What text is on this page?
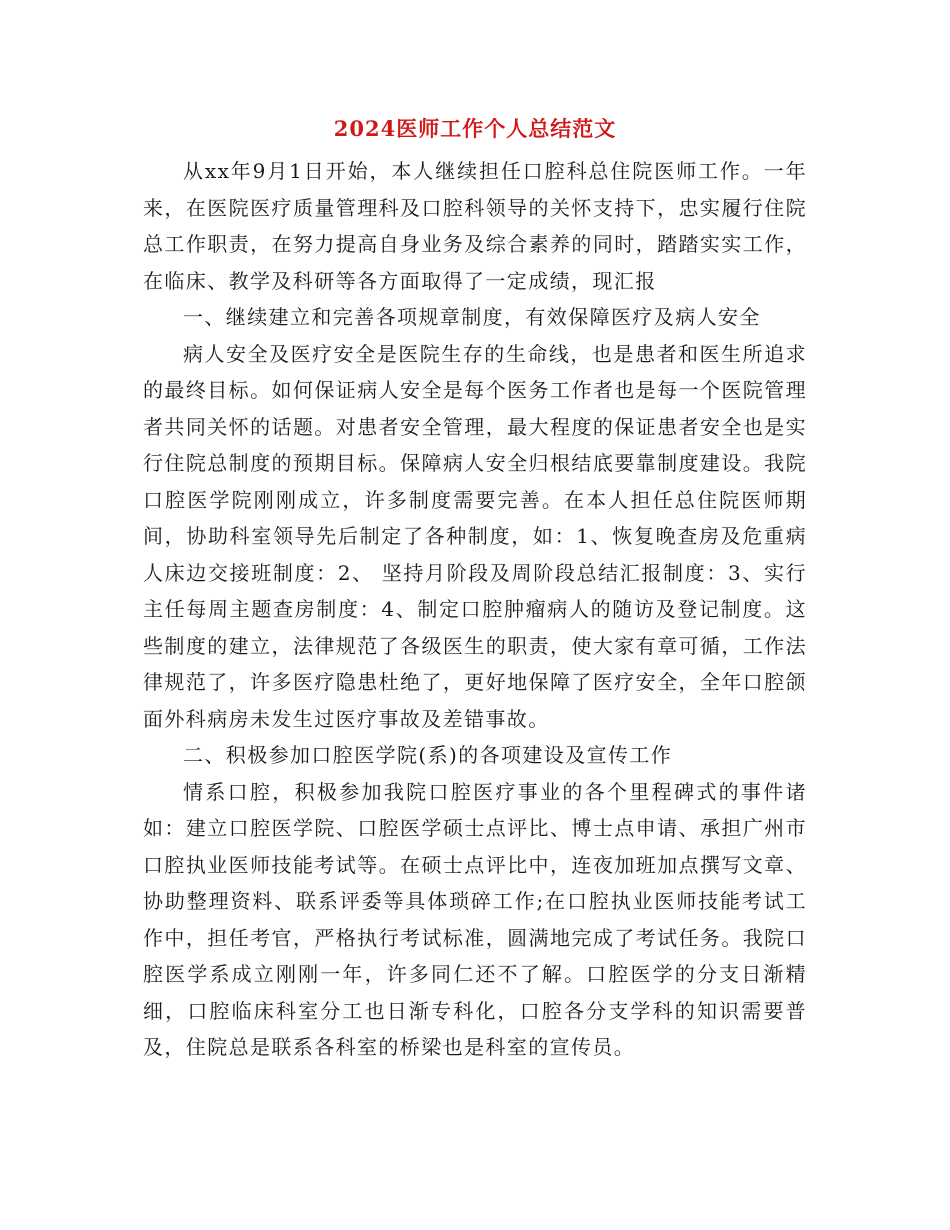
2024医师工作个人总结范文

从xx年9月1日开始，本人继续担任口腔科总住院医师工作。一年来，在医院医疗质量管理科及口腔科领导的关怀支持下，忠实履行住院总工作职责，在努力提高自身业务及综合素养的同时，踏踏实实工作，在临床、教学及科研等各方面取得了一定成绩，现汇报

一、继续建立和完善各项规章制度，有效保障医疗及病人安全

病人安全及医疗安全是医院生存的生命线，也是患者和医生所追求的最终目标。如何保证病人安全是每个医务工作者也是每一个医院管理者共同关怀的话题。对患者安全管理，最大程度的保证患者安全也是实行住院总制度的预期目标。保障病人安全归根结底要靠制度建设。我院口腔医学院刚刚成立，许多制度需要完善。在本人担任总住院医师期间，协助科室领导先后制定了各种制度，如：1、恢复晚查房及危重病人床边交接班制度：2、 坚持月阶段及周阶段总结汇报制度：3、实行主任每周主题查房制度：4、制定口腔肿瘤病人的随访及登记制度。这些制度的建立，法律规范了各级医生的职责，使大家有章可循，工作法律规范了，许多医疗隐患杜绝了，更好地保障了医疗安全，全年口腔颌面外科病房未发生过医疗事故及差错事故。

二、积极参加口腔医学院(系)的各项建设及宣传工作

情系口腔，积极参加我院口腔医疗事业的各个里程碑式的事件诸如：建立口腔医学院、口腔医学硕士点评比、博士点申请、承担广州市口腔执业医师技能考试等。在硕士点评比中，连夜加班加点撰写文章、协助整理资料、联系评委等具体琐碎工作;在口腔执业医师技能考试工作中，担任考官，严格执行考试标准，圆满地完成了考试任务。我院口腔医学系成立刚刚一年，许多同仁还不了解。口腔医学的分支日渐精细，口腔临床科室分工也日渐专科化，口腔各分支学科的知识需要普及，住院总是联系各科室的桥梁也是科室的宣传员。
